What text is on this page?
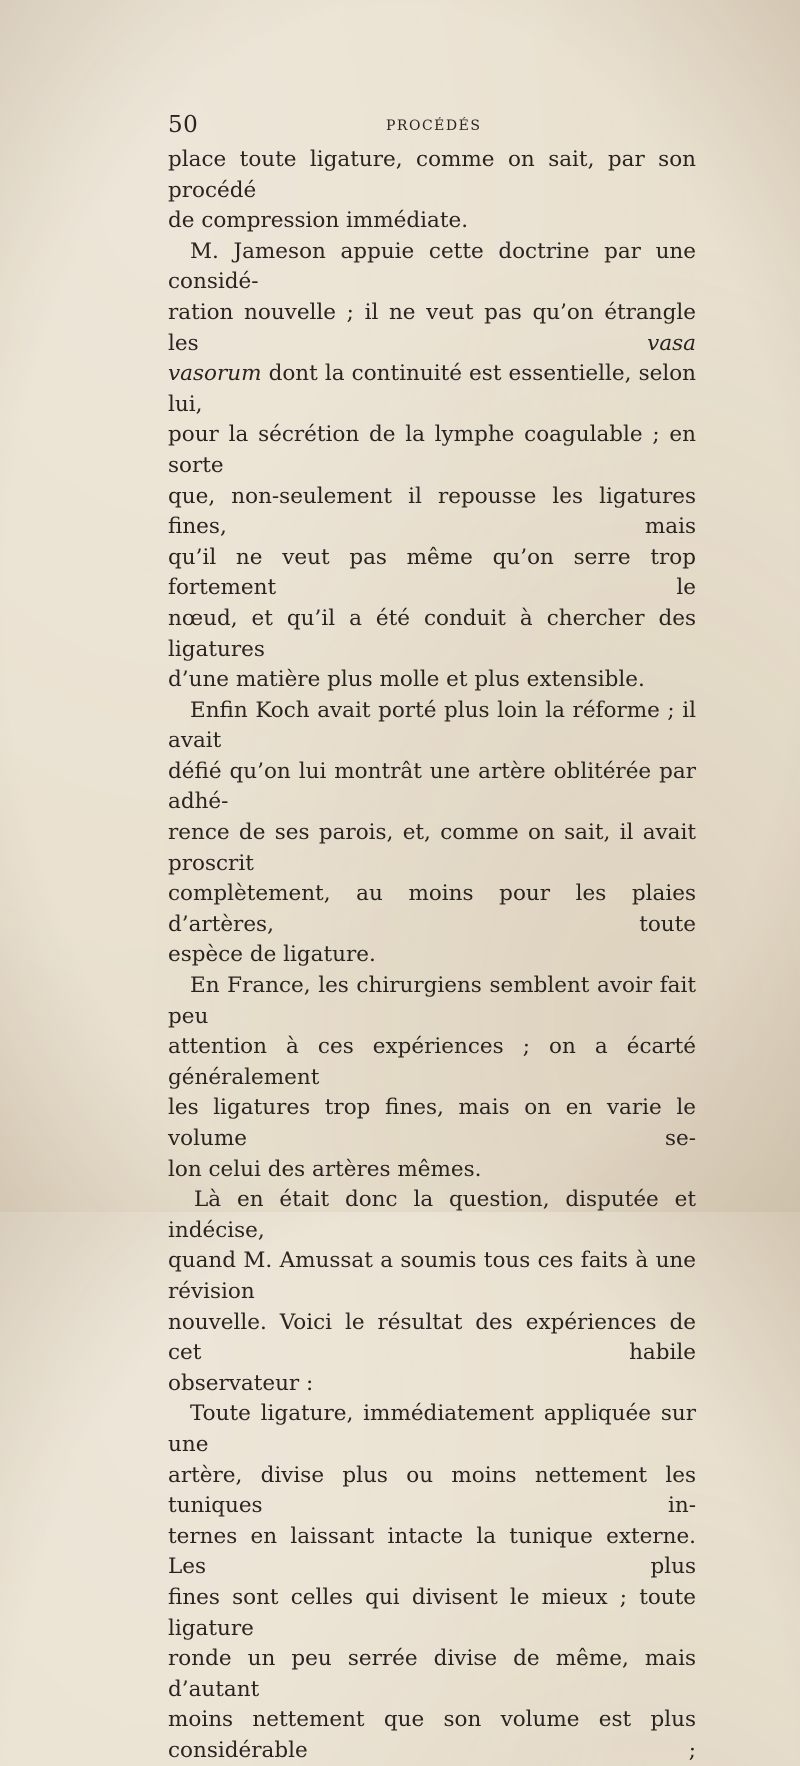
50	PROCÉDÉS

place toute ligature, comme on sait, par son procédé

de compression immédiate.

M. Jameson appuie cette doctrine par une considé-

ration nouvelle ; il ne veut pas qu’on étrangle les	vasa

vasorum dont la continuité est essentielle, selon lui,

pour la sécrétion de la lymphe coagulable ; en sorte

que, non-seulement il repousse les ligatures fines, mais

qu’il ne veut pas même qu’on serre trop fortement le

nœud, et qu’il a été conduit à chercher des ligatures

d’une matière plus molle et plus extensible.

Enfin Koch avait porté plus loin la réforme ; il avait

défié qu’on lui montrât une artère oblitérée par adhé-

rence de ses parois, et, comme on sait, il avait proscrit

complètement, au moins pour les plaies d’artères, toute

espèce de ligature.

En France, les chirurgiens semblent avoir fait peu

attention à ces expériences ; on a écarté généralement

les ligatures trop fines, mais on en varie le volume se-

lon celui des artères mêmes.

Là en était donc la question, disputée et indécise,

quand M. Amussat a soumis tous ces faits à une révision

nouvelle. Voici le résultat des expériences de cet habile

observateur :

Toute ligature, immédiatement appliquée sur une

artère, divise plus ou moins nettement les tuniques in-

ternes en laissant intacte la tunique externe. Les plus

fines sont celles qui divisent le mieux ; toute ligature

ronde un peu serrée divise de même, mais d’autant

moins nettement que son volume est plus considérable ;
